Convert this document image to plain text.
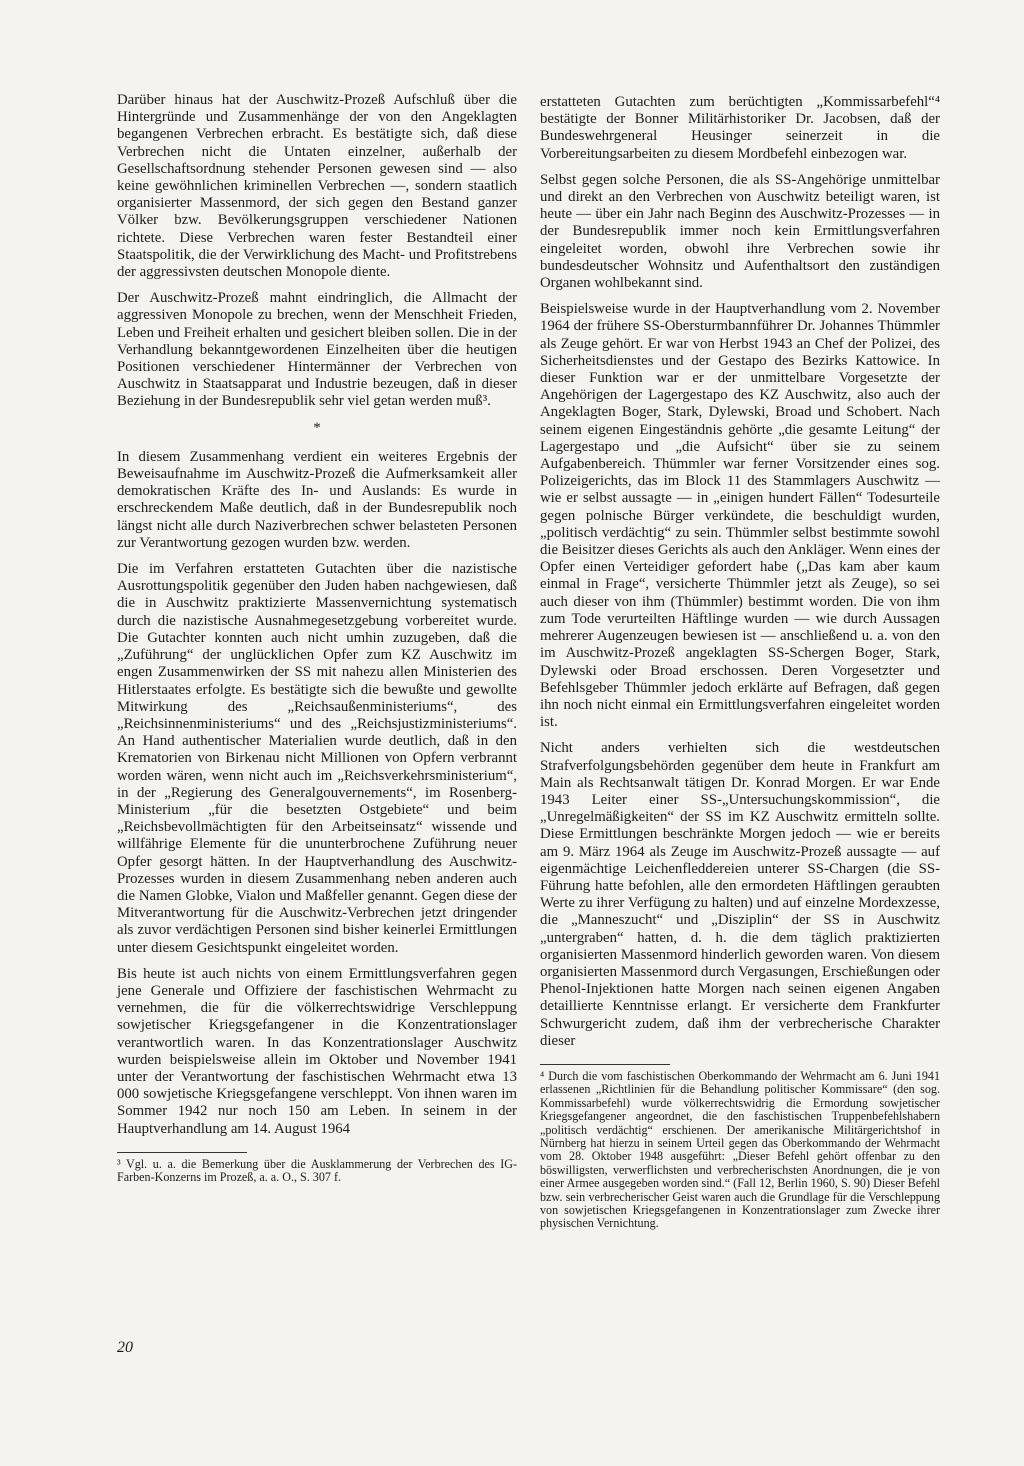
Darüber hinaus hat der Auschwitz-Prozeß Aufschluß über die Hintergründe und Zusammenhänge der von den Angeklagten begangenen Verbrechen erbracht. Es bestätigte sich, daß diese Verbrechen nicht die Untaten einzelner, außerhalb der Gesellschaftsordnung stehender Personen gewesen sind — also keine gewöhnlichen kriminellen Verbrechen —, sondern staatlich organisierter Massenmord, der sich gegen den Bestand ganzer Völker bzw. Bevölkerungsgruppen verschiedener Nationen richtete. Diese Verbrechen waren fester Bestandteil einer Staatspolitik, die der Verwirklichung des Macht- und Profitstrebens der aggressivsten deutschen Monopole diente.

Der Auschwitz-Prozeß mahnt eindringlich, die Allmacht der aggressiven Monopole zu brechen, wenn der Menschheit Frieden, Leben und Freiheit erhalten und gesichert bleiben sollen. Die in der Verhandlung bekanntgewordenen Einzelheiten über die heutigen Positionen verschiedener Hintermänner der Verbrechen von Auschwitz in Staatsapparat und Industrie bezeugen, daß in dieser Beziehung in der Bundesrepublik sehr viel getan werden muß³.

*

In diesem Zusammenhang verdient ein weiteres Ergebnis der Beweisaufnahme im Auschwitz-Prozeß die Aufmerksamkeit aller demokratischen Kräfte des In- und Auslands: Es wurde in erschreckendem Maße deutlich, daß in der Bundesrepublik noch längst nicht alle durch Naziverbrechen schwer belasteten Personen zur Verantwortung gezogen wurden bzw. werden.

Die im Verfahren erstatteten Gutachten über die nazistische Ausrottungspolitik gegenüber den Juden haben nachgewiesen, daß die in Auschwitz praktizierte Massenvernichtung systematisch durch die nazistische Ausnahmegesetzgebung vorbereitet wurde. Die Gutachter konnten auch nicht umhin zuzugeben, daß die „Zuführung“ der unglücklichen Opfer zum KZ Auschwitz im engen Zusammenwirken der SS mit nahezu allen Ministerien des Hitlerstaates erfolgte. Es bestätigte sich die bewußte und gewollte Mitwirkung des „Reichsaußenministeriums“, des „Reichsinnenministeriums“ und des „Reichsjustizministeriums“. An Hand authentischer Materialien wurde deutlich, daß in den Krematorien von Birkenau nicht Millionen von Opfern verbrannt worden wären, wenn nicht auch im „Reichsverkehrsministerium“, in der „Regierung des Generalgouvernements“, im Rosenberg-Ministerium „für die besetzten Ostgebiete“ und beim „Reichsbevollmächtigten für den Arbeitseinsatz“ wissende und willfährige Elemente für die ununterbrochene Zuführung neuer Opfer gesorgt hätten. In der Hauptverhandlung des Auschwitz-Prozesses wurden in diesem Zusammenhang neben anderen auch die Namen Globke, Vialon und Maßfeller genannt. Gegen diese der Mitverantwortung für die Auschwitz-Verbrechen jetzt dringender als zuvor verdächtigen Personen sind bisher keinerlei Ermittlungen unter diesem Gesichtspunkt eingeleitet worden.

Bis heute ist auch nichts von einem Ermittlungsverfahren gegen jene Generale und Offiziere der faschistischen Wehrmacht zu vernehmen, die für die völkerrechtswidrige Verschleppung sowjetischer Kriegsgefangener in die Konzentrationslager verantwortlich waren. In das Konzentrationslager Auschwitz wurden beispielsweise allein im Oktober und November 1941 unter der Verantwortung der faschistischen Wehrmacht etwa 13 000 sowjetische Kriegsgefangene verschleppt. Von ihnen waren im Sommer 1942 nur noch 150 am Leben. In seinem in der Hauptverhandlung am 14. August 1964

³ Vgl. u. a. die Bemerkung über die Ausklammerung der Verbrechen des IG-Farben-Konzerns im Prozeß, a. a. O., S. 307 f.

erstatteten Gutachten zum berüchtigten „Kommissarbefehl“⁴ bestätigte der Bonner Militärhistoriker Dr. Jacobsen, daß der Bundeswehrgeneral Heusinger seinerzeit in die Vorbereitungsarbeiten zu diesem Mordbefehl einbezogen war.

Selbst gegen solche Personen, die als SS-Angehörige unmittelbar und direkt an den Verbrechen von Auschwitz beteiligt waren, ist heute — über ein Jahr nach Beginn des Auschwitz-Prozesses — in der Bundesrepublik immer noch kein Ermittlungsverfahren eingeleitet worden, obwohl ihre Verbrechen sowie ihr bundesdeutscher Wohnsitz und Aufenthaltsort den zuständigen Organen wohlbekannt sind.

Beispielsweise wurde in der Hauptverhandlung vom 2. November 1964 der frühere SS-Obersturmbannführer Dr. Johannes Thümmler als Zeuge gehört. Er war von Herbst 1943 an Chef der Polizei, des Sicherheitsdienstes und der Gestapo des Bezirks Kattowice. In dieser Funktion war er der unmittelbare Vorgesetzte der Angehörigen der Lagergestapo des KZ Auschwitz, also auch der Angeklagten Boger, Stark, Dylewski, Broad und Schobert. Nach seinem eigenen Eingeständnis gehörte „die gesamte Leitung“ der Lagergestapo und „die Aufsicht“ über sie zu seinem Aufgabenbereich. Thümmler war ferner Vorsitzender eines sog. Polizeigerichts, das im Block 11 des Stammlagers Auschwitz — wie er selbst aussagte — in „einigen hundert Fällen“ Todesurteile gegen polnische Bürger verkündete, die beschuldigt wurden, „politisch verdächtig“ zu sein. Thümmler selbst bestimmte sowohl die Beisitzer dieses Gerichts als auch den Ankläger. Wenn eines der Opfer einen Verteidiger gefordert habe („Das kam aber kaum einmal in Frage“, versicherte Thümmler jetzt als Zeuge), so sei auch dieser von ihm (Thümmler) bestimmt worden. Die von ihm zum Tode verurteilten Häftlinge wurden — wie durch Aussagen mehrerer Augenzeugen bewiesen ist — anschließend u. a. von den im Auschwitz-Prozeß angeklagten SS-Schergen Boger, Stark, Dylewski oder Broad erschossen. Deren Vorgesetzter und Befehlsgeber Thümmler jedoch erklärte auf Befragen, daß gegen ihn noch nicht einmal ein Ermittlungsverfahren eingeleitet worden ist.

Nicht anders verhielten sich die westdeutschen Strafverfolgungsbehörden gegenüber dem heute in Frankfurt am Main als Rechtsanwalt tätigen Dr. Konrad Morgen. Er war Ende 1943 Leiter einer SS-„Untersuchungskommission“, die „Unregelmäßigkeiten“ der SS im KZ Auschwitz ermitteln sollte. Diese Ermittlungen beschränkte Morgen jedoch — wie er bereits am 9. März 1964 als Zeuge im Auschwitz-Prozeß aussagte — auf eigenmächtige Leichenfleddereien unterer SS-Chargen (die SS-Führung hatte befohlen, alle den ermordeten Häftlingen geraubten Werte zu ihrer Verfügung zu halten) und auf einzelne Mordexzesse, die „Manneszucht“ und „Disziplin“ der SS in Auschwitz „untergraben“ hatten, d. h. die dem täglich praktizierten organisierten Massenmord hinderlich geworden waren. Von diesem organisierten Massenmord durch Vergasungen, Erschießungen oder Phenol-Injektionen hatte Morgen nach seinen eigenen Angaben detaillierte Kenntnisse erlangt. Er versicherte dem Frankfurter Schwurgericht zudem, daß ihm der verbrecherische Charakter dieser

⁴ Durch die vom faschistischen Oberkommando der Wehrmacht am 6. Juni 1941 erlassenen „Richtlinien für die Behandlung politischer Kommissare“ (den sog. Kommissarbefehl) wurde völkerrechtswidrig die Ermordung sowjetischer Kriegsgefangener angeordnet, die den faschistischen Truppenbefehlshabern „politisch verdächtig“ erschienen. Der amerikanische Militärgerichtshof in Nürnberg hat hierzu in seinem Urteil gegen das Oberkommando der Wehrmacht vom 28. Oktober 1948 ausgeführt: „Dieser Befehl gehört offenbar zu den böswilligsten, verwerflichsten und verbrecherischsten Anordnungen, die je von einer Armee ausgegeben worden sind.“ (Fall 12, Berlin 1960, S. 90) Dieser Befehl bzw. sein verbrecherischer Geist waren auch die Grundlage für die Verschleppung von sowjetischen Kriegsgefangenen in Konzentrationslager zum Zwecke ihrer physischen Vernichtung.

20
